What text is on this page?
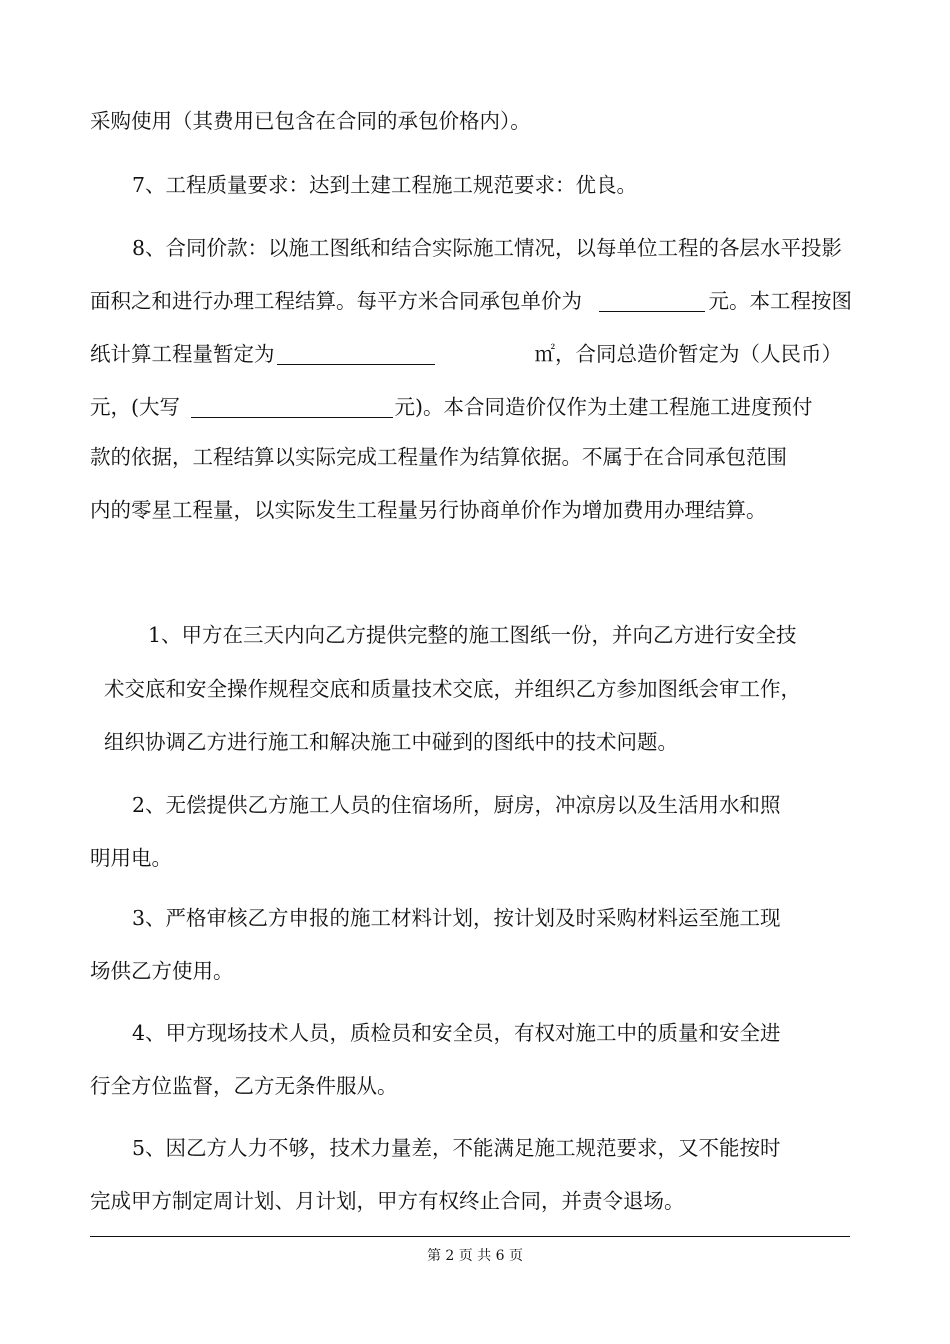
采购使用（其费用已包含在合同的承包价格内）。
7、工程质量要求：达到土建工程施工规范要求：优良。
8、合同价款：以施工图纸和结合实际施工情况，以每单位工程的各层水平投影
面积之和进行办理工程结算。每平方米合同承包单价为	元。本工程按图
纸计算工程量暂定为	㎡，合同总造价暂定为（人民币）
元，(大写	元)。本合同造价仅作为土建工程施工进度预付
款的依据，工程结算以实际完成工程量作为结算依据。不属于在合同承包范围
内的零星工程量，以实际发生工程量另行协商单价作为增加费用办理结算。
1、甲方在三天内向乙方提供完整的施工图纸一份，并向乙方进行安全技
术交底和安全操作规程交底和质量技术交底，并组织乙方参加图纸会审工作，
组织协调乙方进行施工和解决施工中碰到的图纸中的技术问题。
2、无偿提供乙方施工人员的住宿场所，厨房，冲凉房以及生活用水和照
明用电。
3、严格审核乙方申报的施工材料计划，按计划及时采购材料运至施工现
场供乙方使用。
4、甲方现场技术人员，质检员和安全员，有权对施工中的质量和安全进
行全方位监督，乙方无条件服从。
5、因乙方人力不够，技术力量差，不能满足施工规范要求，又不能按时
完成甲方制定周计划、月计划，甲方有权终止合同，并责令退场。
第 2 页 共 6 页
